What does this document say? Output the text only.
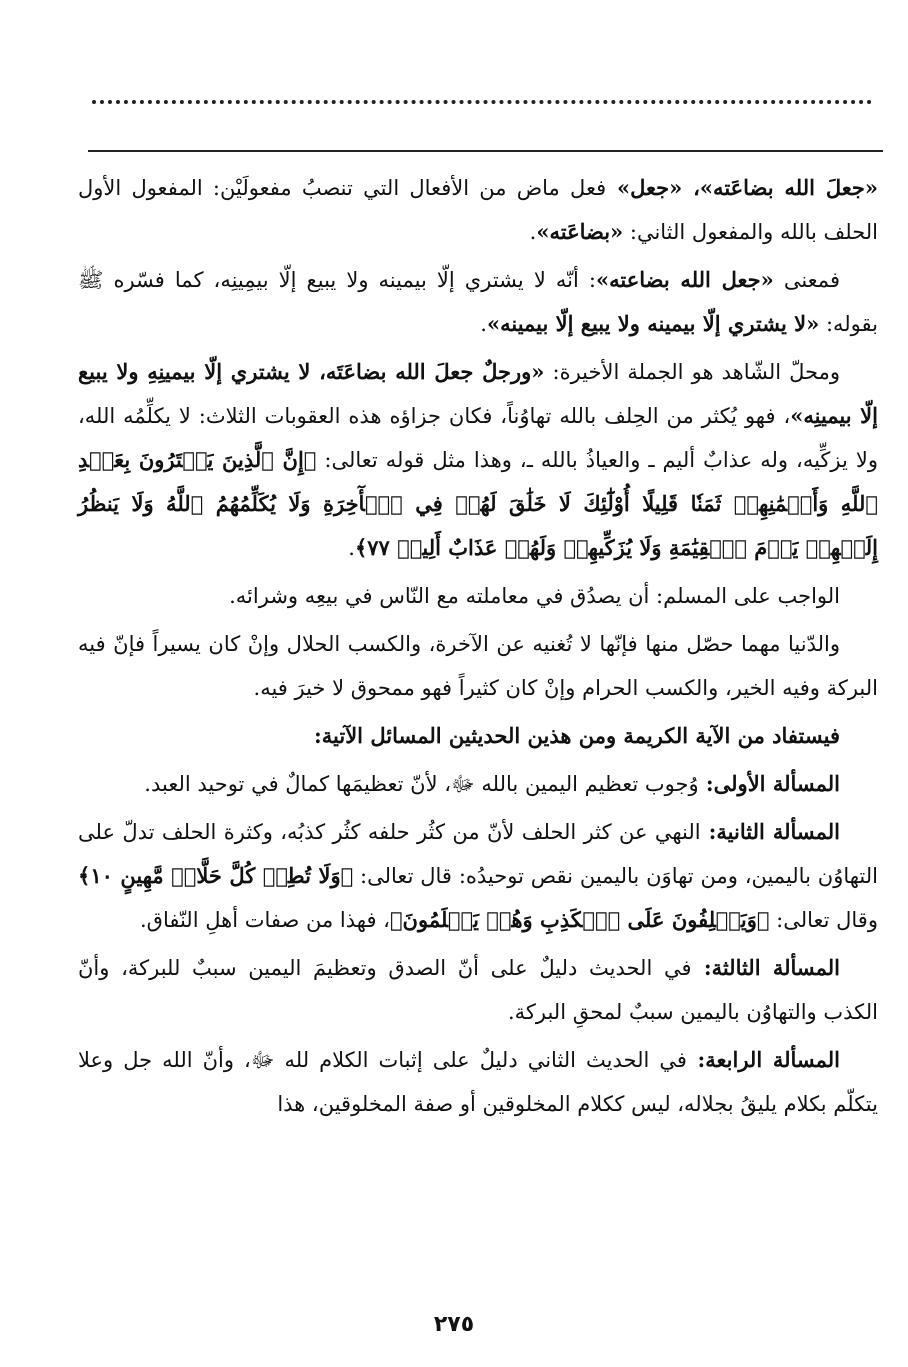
«جعلَ الله بضاعَته»، «جعل» فعل ماض من الأفعال التي تنصبُ مفعولَيْن: المفعول الأول الحلف بالله والمفعول الثاني: «بضاعَته».

فمعنى «جعل الله بضاعته»: أنّه لا يشتري إلّا بيمينه ولا يبيع إلّا بيمِينِه، كما فسّره ﷺ بقوله: «لا يشتري إلّا بيمينه ولا يبيع إلّا بيمينه».

ومحلّ الشّاهد هو الجملة الأخيرة: «ورجلٌ جعلَ الله بضاعَتَه، لا يشتري إلّا بيمينِهِ ولا يبيع إلّا بيمينِه»، فهو يُكثر من الحِلف بالله تهاوُناً، فكان جزاؤه هذه العقوبات الثلاث: لا يكلِّمُه الله، ولا يزكِّيه، وله عذابٌ أليم ـ والعياذُ بالله ـ، وهذا مثل قوله تعالى: ﴿إِنَّ ٱلَّذِينَ يَشۡتَرُونَ بِعَهۡدِ ٱللَّهِ وَأَيۡمَٰنِهِمۡ ثَمَنٗا قَلِيلًا أُوْلَٰٓئِكَ لَا خَلَٰقَ لَهُمۡ فِي ٱلۡأٓخِرَةِ وَلَا يُكَلِّمُهُمُ ٱللَّهُ وَلَا يَنظُرُ إِلَيۡهِمۡ يَوۡمَ ٱلۡقِيَٰمَةِ وَلَا يُزَكِّيهِمۡ وَلَهُمۡ عَذَابٌ أَلِيمٞ ٧٧﴾.

الواجب على المسلم: أن يصدُق في معاملته مع النّاس في بيعِه وشرائه.

والدّنيا مهما حصّل منها فإنّها لا تُغنيه عن الآخرة، والكسب الحلال وإنْ كان يسيراً فإنّ فيه البركة وفيه الخير، والكسب الحرام وإنْ كان كثيراً فهو ممحوق لا خيرَ فيه.

فيستفاد من الآية الكريمة ومن هذين الحديثين المسائل الآتية:

المسألة الأولى: وُجوب تعظيم اليمين بالله ﷻ، لأنّ تعظيمَها كمالٌ في توحيد العبد.

المسألة الثانية: النهي عن كثر الحلف لأنّ من كثُر حلفه كثُر كذبُه، وكثرة الحلف تدلّ على التهاوُن باليمين، ومن تهاوَن باليمين نقص توحيدُه: قال تعالى: ﴿وَلَا تُطِعۡ كُلَّ حَلَّافٖ مَّهِينٍ ١٠﴾ وقال تعالى: ﴿وَيَحۡلِفُونَ عَلَى ٱلۡكَذِبِ وَهُمۡ يَعۡلَمُونَ﴾، فهذا من صفات أهلِ النّفاق.

المسألة الثالثة: في الحديث دليلٌ على أنّ الصدق وتعظيمَ اليمين سببٌ للبركة، وأنّ الكذب والتهاوُن باليمين سببٌ لمحقِ البركة.

المسألة الرابعة: في الحديث الثاني دليلٌ على إثبات الكلام لله ﷻ، وأنّ الله جل وعلا يتكلّم بكلام يليقُ بجلاله، ليس ككلام المخلوقين أو صفة المخلوقين، هذا

٢٧٥
